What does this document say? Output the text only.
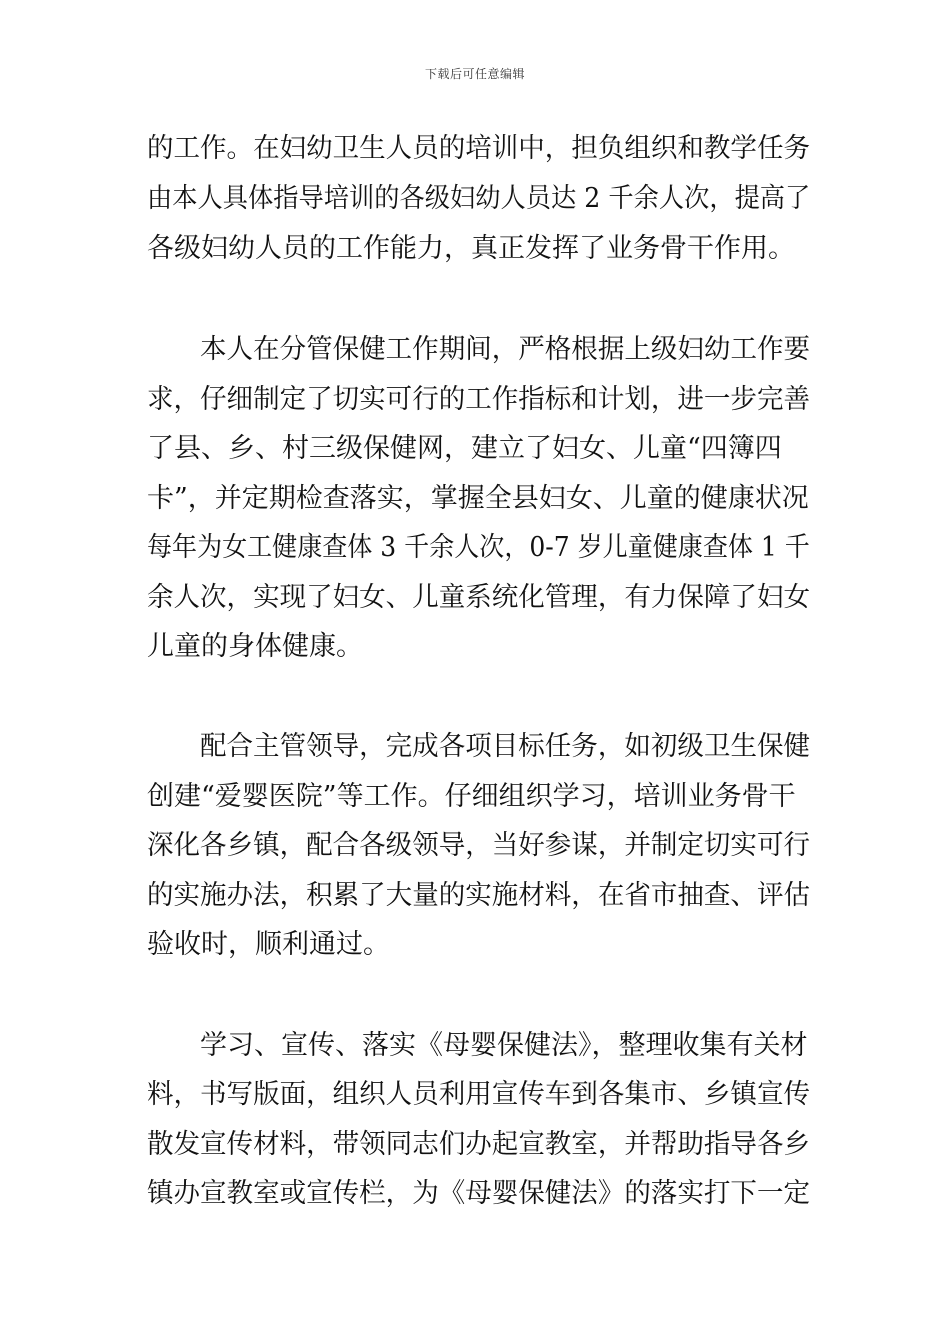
下载后可任意编辑
的工作。在妇幼卫生人员的培训中，担负组织和教学任务
由本人具体指导培训的各级妇幼人员达 2 千余人次，提高了
各级妇幼人员的工作能力，真正发挥了业务骨干作用。
本人在分管保健工作期间，严格根据上级妇幼工作要
求，仔细制定了切实可行的工作指标和计划，进一步完善
了县、乡、村三级保健网，建立了妇女、儿童“四簿四
卡”，并定期检查落实，掌握全县妇女、儿童的健康状况
每年为女工健康查体 3 千余人次，0-7 岁儿童健康查体 1 千
余人次，实现了妇女、儿童系统化管理，有力保障了妇女
儿童的身体健康。
配合主管领导，完成各项目标任务，如初级卫生保健
创建“爱婴医院”等工作。仔细组织学习，培训业务骨干
深化各乡镇，配合各级领导，当好参谋，并制定切实可行
的实施办法，积累了大量的实施材料，在省市抽查、评估
验收时，顺利通过。
学习、宣传、落实《母婴保健法》，整理收集有关材
料，书写版面，组织人员利用宣传车到各集市、乡镇宣传
散发宣传材料，带领同志们办起宣教室，并帮助指导各乡
镇办宣教室或宣传栏，为《母婴保健法》的落实打下一定
